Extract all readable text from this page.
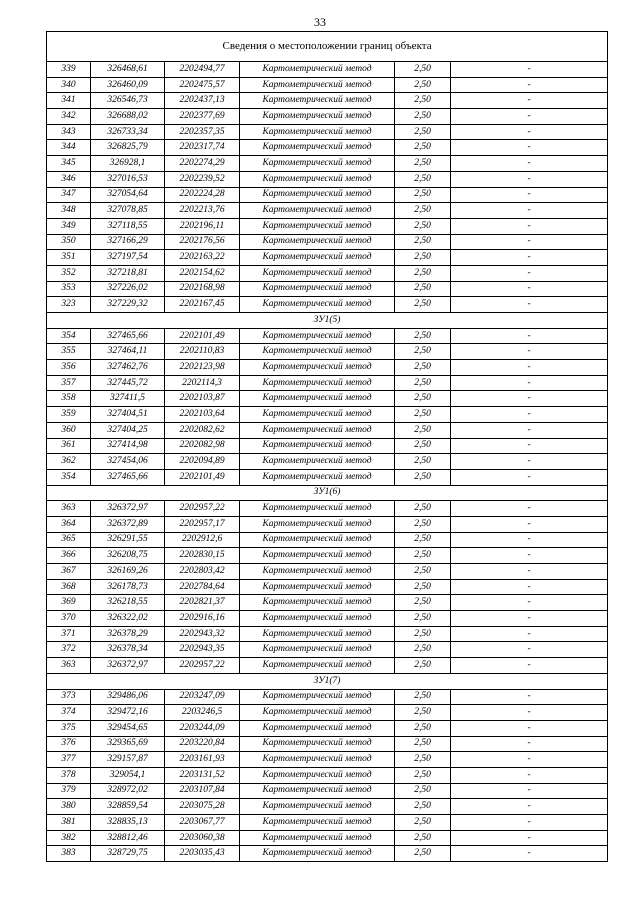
33
Сведения о местоположении границ объекта					
339	326468,61	2202494,77	Картометрический метод	2,50	-
340	326460,09	2202475,57	Картометрический метод	2,50	-
341	326546,73	2202437,13	Картометрический метод	2,50	-
342	326688,02	2202377,69	Картометрический метод	2,50	-
343	326733,34	2202357,35	Картометрический метод	2,50	-
344	326825,79	2202317,74	Картометрический метод	2,50	-
345	326928,1	2202274,29	Картометрический метод	2,50	-
346	327016,53	2202239,52	Картометрический метод	2,50	-
347	327054,64	2202224,28	Картометрический метод	2,50	-
348	327078,85	2202213,76	Картометрический метод	2,50	-
349	327118,55	2202196,11	Картометрический метод	2,50	-
350	327166,29	2202176,56	Картометрический метод	2,50	-
351	327197,54	2202163,22	Картометрический метод	2,50	-
352	327218,81	2202154,62	Картометрический метод	2,50	-
353	327226,02	2202168,98	Картометрический метод	2,50	-
323	327229,32	2202167,45	Картометрический метод	2,50	-
ЗУ1(5)					
354	327465,66	2202101,49	Картометрический метод	2,50	-
355	327464,11	2202110,83	Картометрический метод	2,50	-
356	327462,76	2202123,98	Картометрический метод	2,50	-
357	327445,72	2202114,3	Картометрический метод	2,50	-
358	327411,5	2202103,87	Картометрический метод	2,50	-
359	327404,51	2202103,64	Картометрический метод	2,50	-
360	327404,25	2202082,62	Картометрический метод	2,50	-
361	327414,98	2202082,98	Картометрический метод	2,50	-
362	327454,06	2202094,89	Картометрический метод	2,50	-
354	327465,66	2202101,49	Картометрический метод	2,50	-
ЗУ1(6)					
363	326372,97	2202957,22	Картометрический метод	2,50	-
364	326372,89	2202957,17	Картометрический метод	2,50	-
365	326291,55	2202912,6	Картометрический метод	2,50	-
366	326208,75	2202830,15	Картометрический метод	2,50	-
367	326169,26	2202803,42	Картометрический метод	2,50	-
368	326178,73	2202784,64	Картометрический метод	2,50	-
369	326218,55	2202821,37	Картометрический метод	2,50	-
370	326322,02	2202916,16	Картометрический метод	2,50	-
371	326378,29	2202943,32	Картометрический метод	2,50	-
372	326378,34	2202943,35	Картометрический метод	2,50	-
363	326372,97	2202957,22	Картометрический метод	2,50	-
ЗУ1(7)					
373	329486,06	2203247,09	Картометрический метод	2,50	-
374	329472,16	2203246,5	Картометрический метод	2,50	-
375	329454,65	2203244,09	Картометрический метод	2,50	-
376	329365,69	2203220,84	Картометрический метод	2,50	-
377	329157,87	2203161,93	Картометрический метод	2,50	-
378	329054,1	2203131,52	Картометрический метод	2,50	-
379	328972,02	2203107,84	Картометрический метод	2,50	-
380	328859,54	2203075,28	Картометрический метод	2,50	-
381	328835,13	2203067,77	Картометрический метод	2,50	-
382	328812,46	2203060,38	Картометрический метод	2,50	-
383	328729,75	2203035,43	Картометрический метод	2,50	-
